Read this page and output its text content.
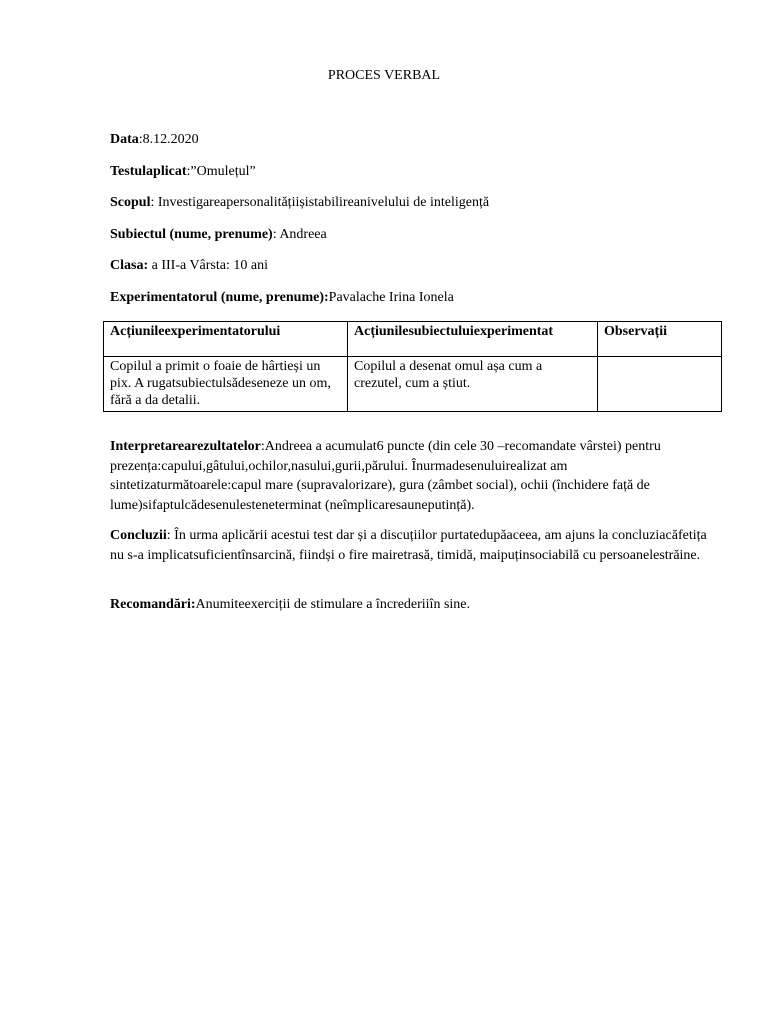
PROCES VERBAL
Data:8.12.2020
Testulaplicat:”Omulețul”
Scopul: Investigareapersonalitățiișistabilireanivelului de inteligență
Subiectul (nume, prenume): Andreea
Clasa: a III-a Vârsta: 10 ani
Experimentatorul (nume, prenume):Pavalache Irina Ionela
Acțiunileexperimentatorului	Acțiunilesubiectuluiexperimentat	Observații
Copilul a primit o foaie de hârtieși un pix. A rugatsubiectulsădeseneze un om, fără a da detalii.	Copilul a desenat omul așa cum a crezutel, cum a știut.	
Interpretarearezultatelor:Andreea a acumulat6 puncte (din cele 30 –recomandate vârstei) pentru prezența:capului,gâtului,ochilor,nasului,gurii,părului. Înurmadesenuluirealizat am sintetizaturmătoarele:capul mare (supravalorizare), gura (zâmbet social), ochii (închidere față de lume)sifaptulcădesenulesteneterminat (neîmplicaresauneputință).
Concluzii: În urma aplicării acestui test dar și a discuțiilor purtatedupăaceea, am ajuns la concluziacăfetița nu s-a implicatsuficientînsarcină, fiindși o fire mairetrasă, timidă, maipuținsociabilă cu persoanelestrăine.
Recomandări:Anumiteexerciții de stimulare a încrederiiîn sine.
